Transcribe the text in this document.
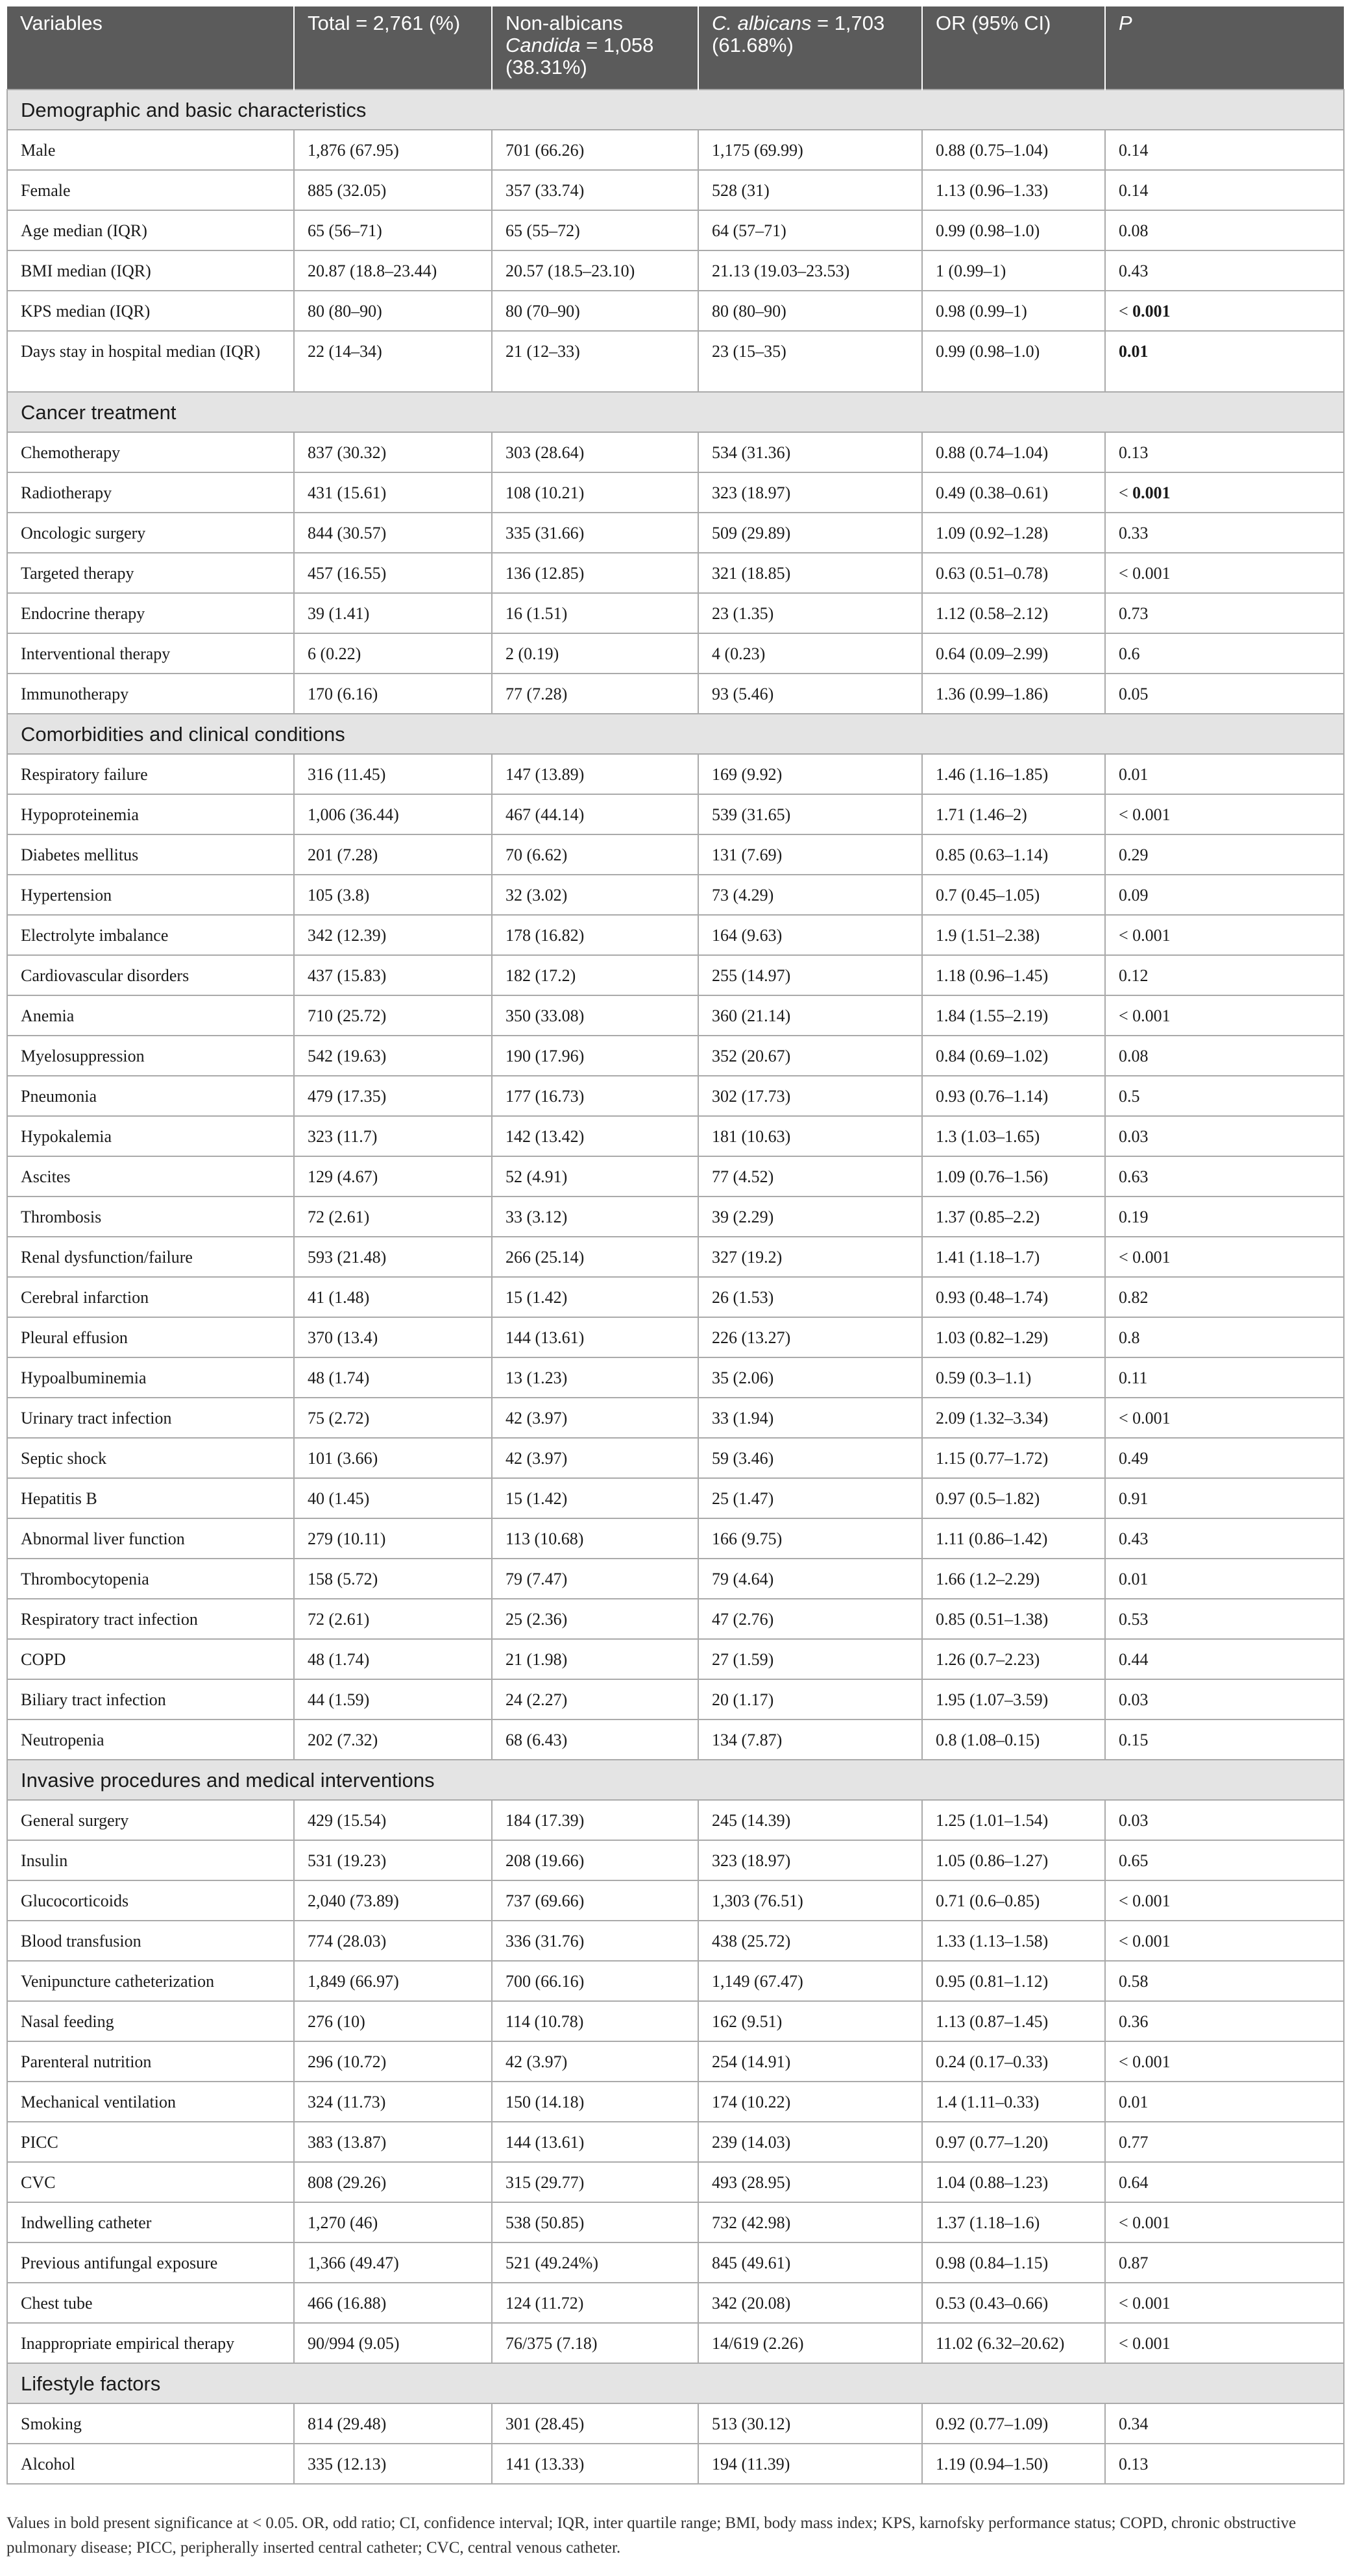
Variables	Total = 2,761 (%)	Non-albicans
Candida = 1,058 (38.31%)	C. albicans = 1,703 (61.68%)	OR (95% CI)	P
Demographic and basic characteristics					
Male	1,876 (67.95)	701 (66.26)	1,175 (69.99)	0.88 (0.75–1.04)	0.14
Female	885 (32.05)	357 (33.74)	528 (31)	1.13 (0.96–1.33)	0.14
Age median (IQR)	65 (56–71)	65 (55–72)	64 (57–71)	0.99 (0.98–1.0)	0.08
BMI median (IQR)	20.87 (18.8–23.44)	20.57 (18.5–23.10)	21.13 (19.03–23.53)	1 (0.99–1)	0.43
KPS median (IQR)	80 (80–90)	80 (70–90)	80 (80–90)	0.98 (0.99–1)	< 0.001
Days stay in hospital median (IQR)	22 (14–34)	21 (12–33)	23 (15–35)	0.99 (0.98–1.0)	0.01
Cancer treatment					
Chemotherapy	837 (30.32)	303 (28.64)	534 (31.36)	0.88 (0.74–1.04)	0.13
Radiotherapy	431 (15.61)	108 (10.21)	323 (18.97)	0.49 (0.38–0.61)	< 0.001
Oncologic surgery	844 (30.57)	335 (31.66)	509 (29.89)	1.09 (0.92–1.28)	0.33
Targeted therapy	457 (16.55)	136 (12.85)	321 (18.85)	0.63 (0.51–0.78)	< 0.001
Endocrine therapy	39 (1.41)	16 (1.51)	23 (1.35)	1.12 (0.58–2.12)	0.73
Interventional therapy	6 (0.22)	2 (0.19)	4 (0.23)	0.64 (0.09–2.99)	0.6
Immunotherapy	170 (6.16)	77 (7.28)	93 (5.46)	1.36 (0.99–1.86)	0.05
Comorbidities and clinical conditions					
Respiratory failure	316 (11.45)	147 (13.89)	169 (9.92)	1.46 (1.16–1.85)	0.01
Hypoproteinemia	1,006 (36.44)	467 (44.14)	539 (31.65)	1.71 (1.46–2)	< 0.001
Diabetes mellitus	201 (7.28)	70 (6.62)	131 (7.69)	0.85 (0.63–1.14)	0.29
Hypertension	105 (3.8)	32 (3.02)	73 (4.29)	0.7 (0.45–1.05)	0.09
Electrolyte imbalance	342 (12.39)	178 (16.82)	164 (9.63)	1.9 (1.51–2.38)	< 0.001
Cardiovascular disorders	437 (15.83)	182 (17.2)	255 (14.97)	1.18 (0.96–1.45)	0.12
Anemia	710 (25.72)	350 (33.08)	360 (21.14)	1.84 (1.55–2.19)	< 0.001
Myelosuppression	542 (19.63)	190 (17.96)	352 (20.67)	0.84 (0.69–1.02)	0.08
Pneumonia	479 (17.35)	177 (16.73)	302 (17.73)	0.93 (0.76–1.14)	0.5
Hypokalemia	323 (11.7)	142 (13.42)	181 (10.63)	1.3 (1.03–1.65)	0.03
Ascites	129 (4.67)	52 (4.91)	77 (4.52)	1.09 (0.76–1.56)	0.63
Thrombosis	72 (2.61)	33 (3.12)	39 (2.29)	1.37 (0.85–2.2)	0.19
Renal dysfunction/failure	593 (21.48)	266 (25.14)	327 (19.2)	1.41 (1.18–1.7)	< 0.001
Cerebral infarction	41 (1.48)	15 (1.42)	26 (1.53)	0.93 (0.48–1.74)	0.82
Pleural effusion	370 (13.4)	144 (13.61)	226 (13.27)	1.03 (0.82–1.29)	0.8
Hypoalbuminemia	48 (1.74)	13 (1.23)	35 (2.06)	0.59 (0.3–1.1)	0.11
Urinary tract infection	75 (2.72)	42 (3.97)	33 (1.94)	2.09 (1.32–3.34)	< 0.001
Septic shock	101 (3.66)	42 (3.97)	59 (3.46)	1.15 (0.77–1.72)	0.49
Hepatitis B	40 (1.45)	15 (1.42)	25 (1.47)	0.97 (0.5–1.82)	0.91
Abnormal liver function	279 (10.11)	113 (10.68)	166 (9.75)	1.11 (0.86–1.42)	0.43
Thrombocytopenia	158 (5.72)	79 (7.47)	79 (4.64)	1.66 (1.2–2.29)	0.01
Respiratory tract infection	72 (2.61)	25 (2.36)	47 (2.76)	0.85 (0.51–1.38)	0.53
COPD	48 (1.74)	21 (1.98)	27 (1.59)	1.26 (0.7–2.23)	0.44
Biliary tract infection	44 (1.59)	24 (2.27)	20 (1.17)	1.95 (1.07–3.59)	0.03
Neutropenia	202 (7.32)	68 (6.43)	134 (7.87)	0.8 (1.08–0.15)	0.15
Invasive procedures and medical interventions					
General surgery	429 (15.54)	184 (17.39)	245 (14.39)	1.25 (1.01–1.54)	0.03
Insulin	531 (19.23)	208 (19.66)	323 (18.97)	1.05 (0.86–1.27)	0.65
Glucocorticoids	2,040 (73.89)	737 (69.66)	1,303 (76.51)	0.71 (0.6–0.85)	< 0.001
Blood transfusion	774 (28.03)	336 (31.76)	438 (25.72)	1.33 (1.13–1.58)	< 0.001
Venipuncture catheterization	1,849 (66.97)	700 (66.16)	1,149 (67.47)	0.95 (0.81–1.12)	0.58
Nasal feeding	276 (10)	114 (10.78)	162 (9.51)	1.13 (0.87–1.45)	0.36
Parenteral nutrition	296 (10.72)	42 (3.97)	254 (14.91)	0.24 (0.17–0.33)	< 0.001
Mechanical ventilation	324 (11.73)	150 (14.18)	174 (10.22)	1.4 (1.11–0.33)	0.01
PICC	383 (13.87)	144 (13.61)	239 (14.03)	0.97 (0.77–1.20)	0.77
CVC	808 (29.26)	315 (29.77)	493 (28.95)	1.04 (0.88–1.23)	0.64
Indwelling catheter	1,270 (46)	538 (50.85)	732 (42.98)	1.37 (1.18–1.6)	< 0.001
Previous antifungal exposure	1,366 (49.47)	521 (49.24%)	845 (49.61)	0.98 (0.84–1.15)	0.87
Chest tube	466 (16.88)	124 (11.72)	342 (20.08)	0.53 (0.43–0.66)	< 0.001
Inappropriate empirical therapy	90/994 (9.05)	76/375 (7.18)	14/619 (2.26)	11.02 (6.32–20.62)	< 0.001
Lifestyle factors					
Smoking	814 (29.48)	301 (28.45)	513 (30.12)	0.92 (0.77–1.09)	0.34
Alcohol	335 (12.13)	141 (13.33)	194 (11.39)	1.19 (0.94–1.50)	0.13
Values in bold present significance at < 0.05. OR, odd ratio; CI, confidence interval; IQR, inter quartile range; BMI, body mass index; KPS, karnofsky performance status; COPD, chronic obstructive pulmonary disease; PICC, peripherally inserted central catheter; CVC, central venous catheter.
